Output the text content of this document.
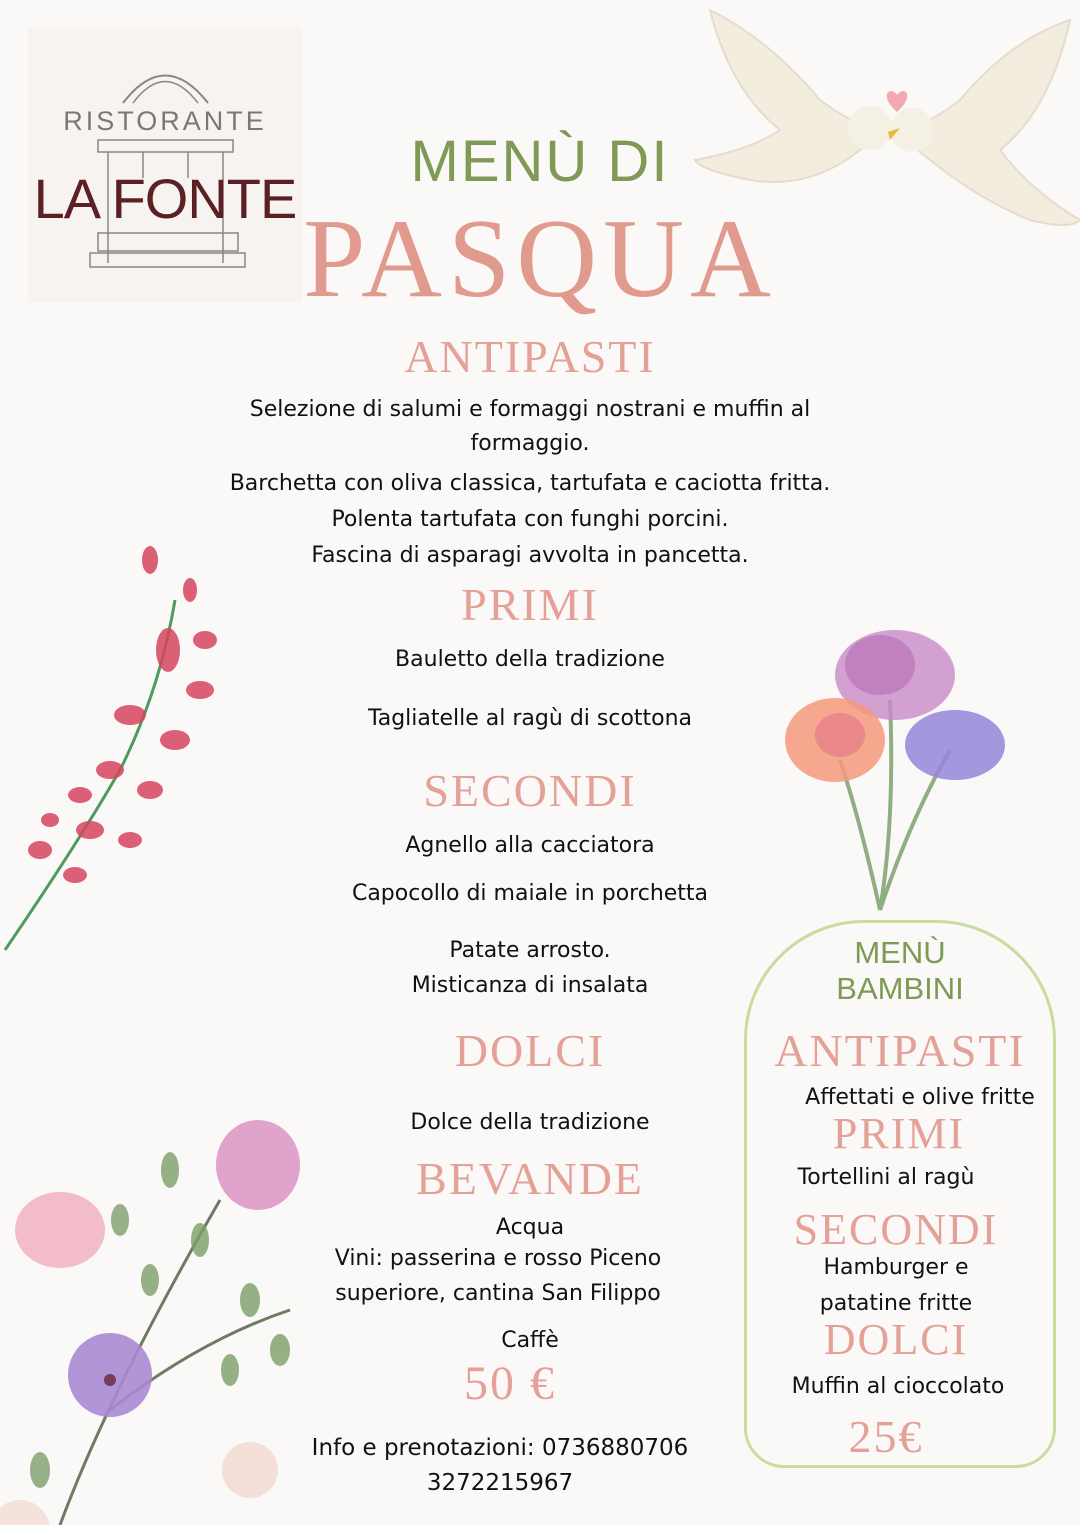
RISTORANTE
LA FONTE
MENÙ DI
PASQUA
ANTIPASTI
Selezione di salumi e formaggi nostrani e muffin al
formaggio.
Barchetta con oliva classica, tartufata e caciotta fritta.
Polenta tartufata con funghi porcini.
Fascina di asparagi avvolta in pancetta.
PRIMI
Bauletto della tradizione
Tagliatelle al ragù di scottona
SECONDI
Agnello alla cacciatora
Capocollo di maiale in porchetta
Patate arrosto.
Misticanza di insalata
DOLCI
Dolce della tradizione
BEVANDE
Acqua
Vini: passerina e rosso Piceno
superiore, cantina San Filippo
Caffè
50 €
Info e prenotazioni: 0736880706
3272215967
MENÙ
BAMBINI
ANTIPASTI
Affettati e olive fritte
PRIMI
Tortellini al ragù
SECONDI
Hamburger e
patatine fritte
DOLCI
Muffin al cioccolato
25€
